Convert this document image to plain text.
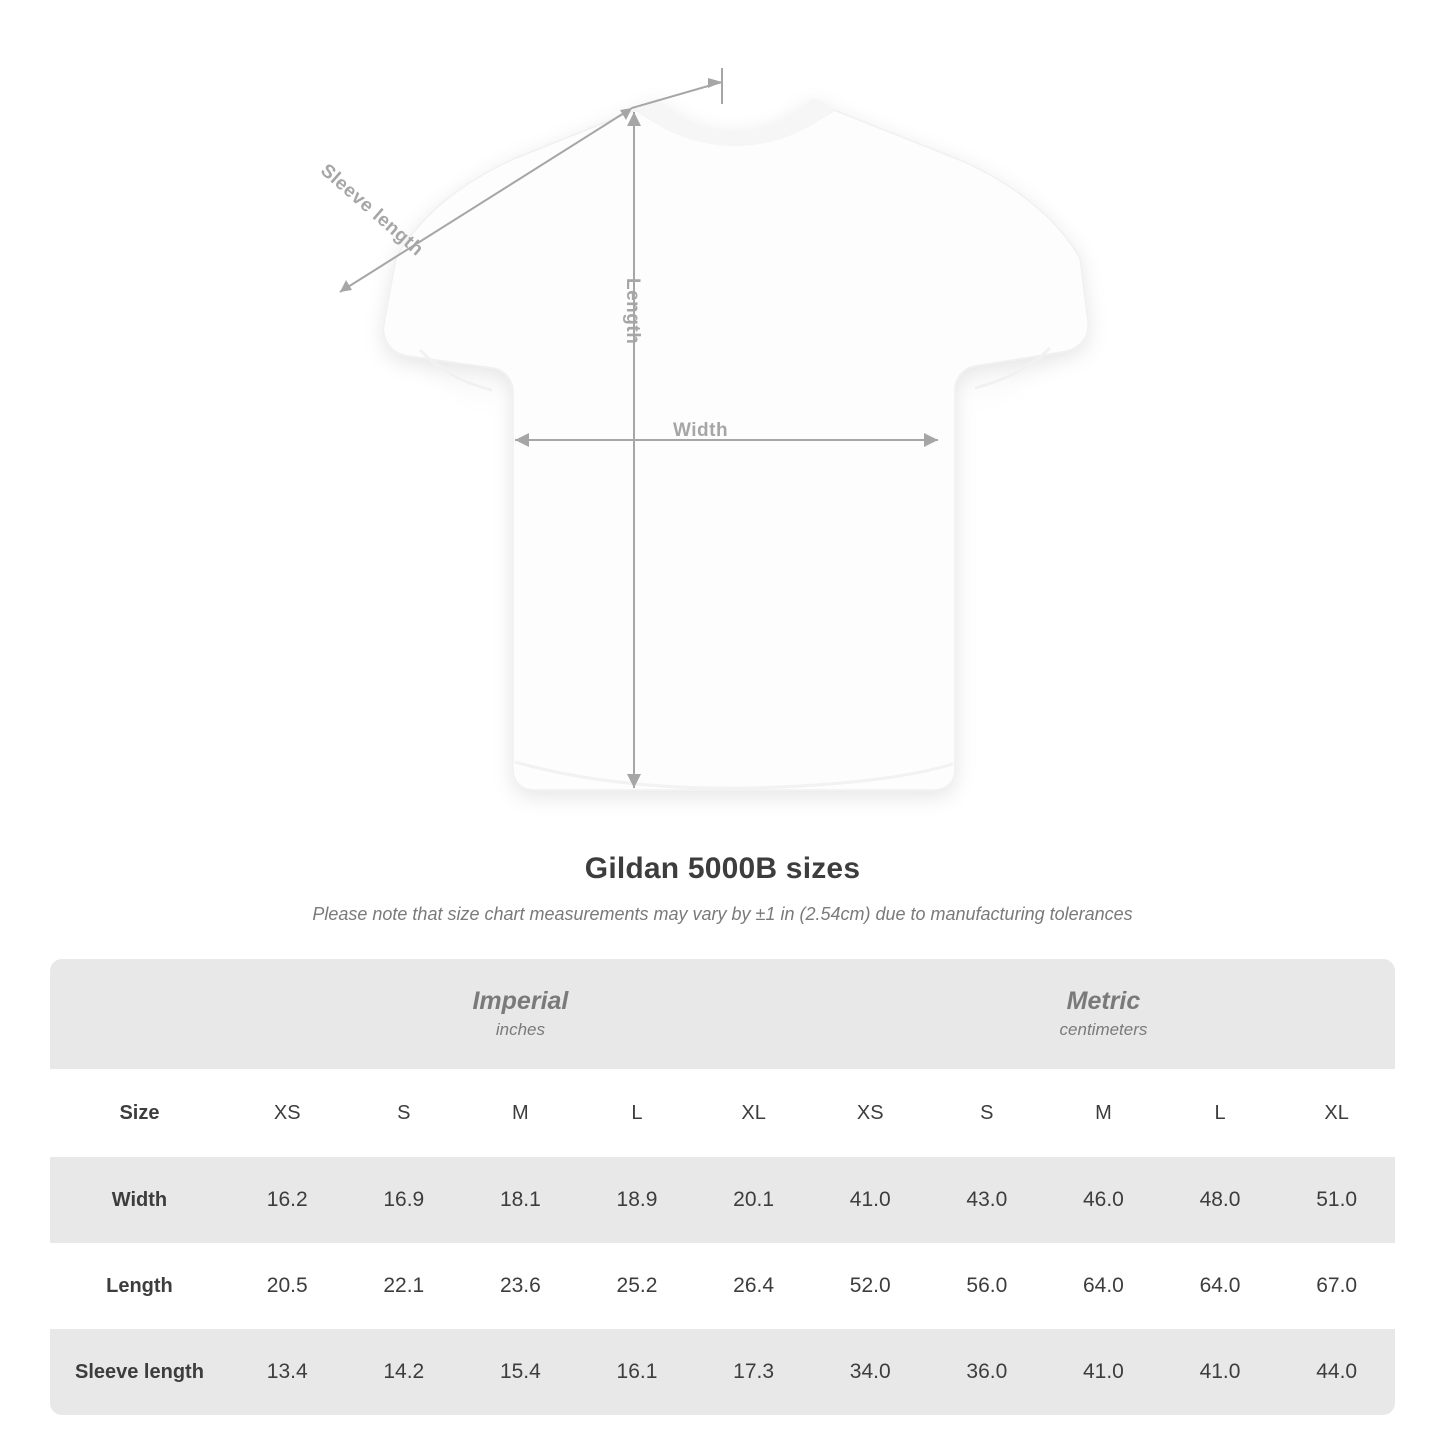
Sleeve length
Length
Width
Gildan 5000B sizes
Please note that size chart measurements may vary by ±1 in (2.54cm) due to manufacturing tolerances

Imperial
inches

Metric
centimeters

Size	XS	S	M	L	XL	XS	S	M	L	XL
Width	16.2	16.9	18.1	18.9	20.1	41.0	43.0	46.0	48.0	51.0
Length	20.5	22.1	23.6	25.2	26.4	52.0	56.0	64.0	64.0	67.0
Sleeve length	13.4	14.2	15.4	16.1	17.3	34.0	36.0	41.0	41.0	44.0
